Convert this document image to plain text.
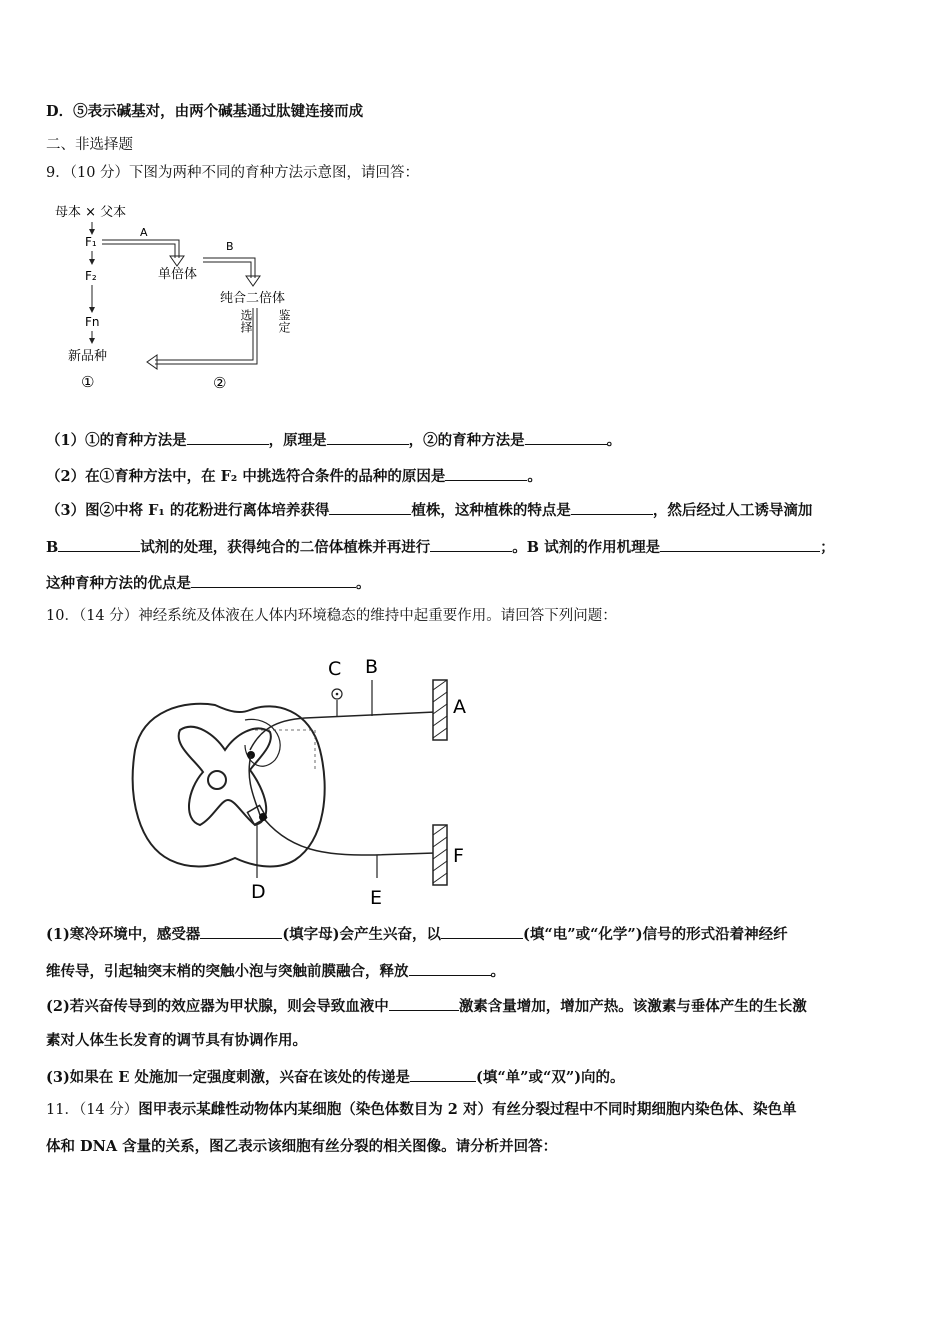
D．⑤表示碱基对，由两个碱基通过肽键连接而成
二、非选择题
9．（10 分）下图为两种不同的育种方法示意图，请回答：
母本 × 父本
F₁
F₂
Fn
新品种
①
A
单倍体
B
纯合二倍体
选择 鉴定
②
（1）①的育种方法是	，原理是	，②的育种方法是	。
（2）在①育种方法中，在 F₂ 中挑选符合条件的品种的原因是	。
（3）图②中将 F₁ 的花粉进行离体培养获得	植株，这种植株的特点是	，然后经过人工诱导滴加
B	试剂的处理，获得纯合的二倍体植株并再进行	。B 试剂的作用机理是	；
这种育种方法的优点是	。
10．（14 分）神经系统及体液在人体内环境稳态的维持中起重要作用。请回答下列问题：
C B
A
F
D	E
(1)寒冷环境中，感受器	(填字母)会产生兴奋，以	(填“电”或“化学”)信号的形式沿着神经纤
维传导，引起轴突末梢的突触小泡与突触前膜融合，释放	。
(2)若兴奋传导到的效应器为甲状腺，则会导致血液中	激素含量增加，增加产热。该激素与垂体产生的生长激
素对人体生长发育的调节具有协调作用。
(3)如果在 E 处施加一定强度刺激，兴奋在该处的传递是	(填“单”或“双”)向的。
11．（14 分）图甲表示某雌性动物体内某细胞（染色体数目为 2 对）有丝分裂过程中不同时期细胞内染色体、染色单
体和 DNA 含量的关系，图乙表示该细胞有丝分裂的相关图像。请分析并回答：
